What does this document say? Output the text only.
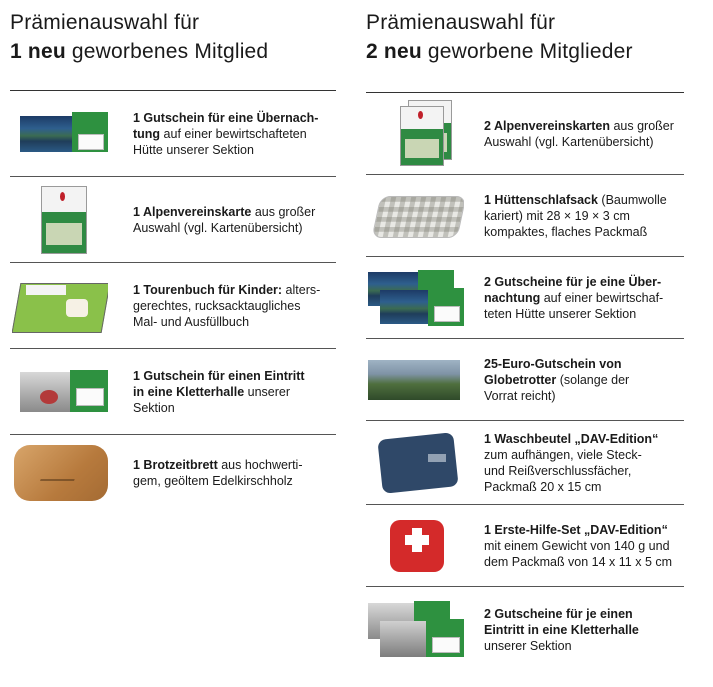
Prämienauswahl für
1 neu geworbenes Mitglied
1 Gutschein für eine Übernach-
tung auf einer bewirtschafteten
Hütte unserer Sektion
1 Alpenvereinskarte aus großer
Auswahl (vgl. Kartenübersicht)
1 Tourenbuch für Kinder: alters-
gerechtes, rucksacktaugliches
Mal- und Ausfüllbuch
1 Gutschein für einen Eintritt
in eine Kletterhalle unserer
Sektion
1 Brotzeitbrett aus hochwerti-
gem, geöltem Edelkirschholz
Prämienauswahl für
2 neu geworbene Mitglieder
2 Alpenvereinskarten aus großer
Auswahl (vgl. Kartenübersicht)
1 Hüttenschlafsack (Baumwolle
kariert) mit 28 × 19 × 3 cm
kompaktes, flaches Packmaß
2 Gutscheine für je eine Über-
nachtung auf einer bewirtschaf-
teten Hütte unserer Sektion
25-Euro-Gutschein von
Globetrotter (solange der
Vorrat reicht)
1 Waschbeutel „DAV-Edition“
zum aufhängen, viele Steck-
und Reißverschlussfächer,
Packmaß 20 x 15 cm
1 Erste-Hilfe-Set „DAV-Edition“
mit einem Gewicht von 140 g und
dem Packmaß von 14 x 11 x 5 cm
2 Gutscheine für je einen
Eintritt in eine Kletterhalle
unserer Sektion
